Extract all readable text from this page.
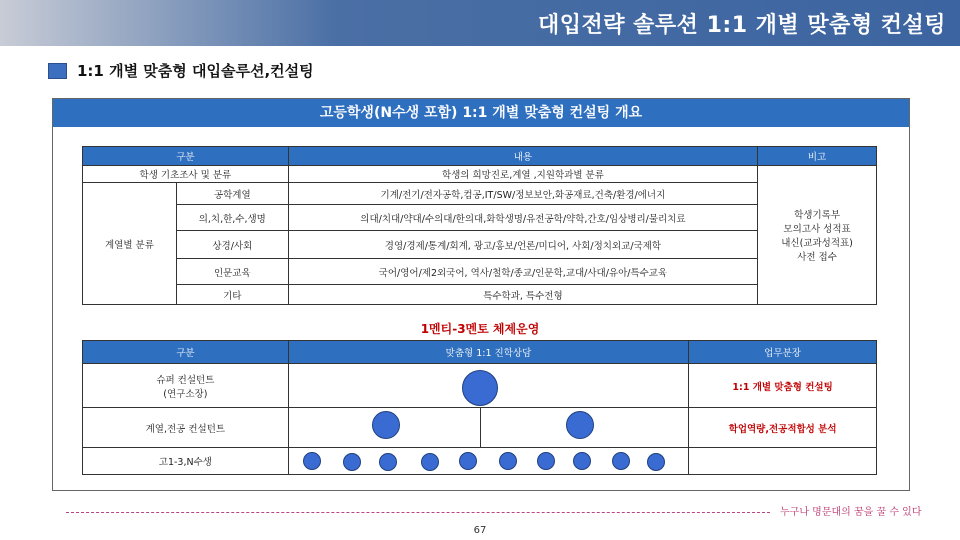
대입전략 솔루션 1:1 개별 맞춤형 컨설팅
1:1 개별 맞춤형 대입솔루션,컨설팅
고등학생(N수생 포함) 1:1 개별 맞춤형 컨설팅 개요
구분		내용	비고
학생 기초조사 및 분류		학생의 희망진로,계열 ,지원학과별 분류	학생기록부
모의고사 성적표
내신(교과성적표)
사전 접수

계열별 분류	공학계열	기계/전기/전자공학,컴공,IT/SW/정보보안,화공재료,건축/환경/에너지	
	의,치,한,수,생명	의대/치대/약대/수의대/한의대,화학생명/유전공학/약학,간호/임상병리/물리치료	
	상경/사회	경영/경제/통계/회계, 광고/홍보/언론/미디어, 사회/정치외교/국제학	
	인문교육	국어/영어/제2외국어, 역사/철학/종교/인문학,교대/사대/유아/특수교육	
	기타	특수학과, 특수전형	
1멘티-3멘토 체제운영
구분	맞춤형 1:1 진학상담		업무분장

슈퍼 컨설턴트
(연구소장)			1:1 개별 맞춤형 컨설팅
계열,전공 컨설턴트			학업역량,전공적합성 분석
고1-3,N수생			
누구나 명문대의 꿈을 꿀 수 있다
67
